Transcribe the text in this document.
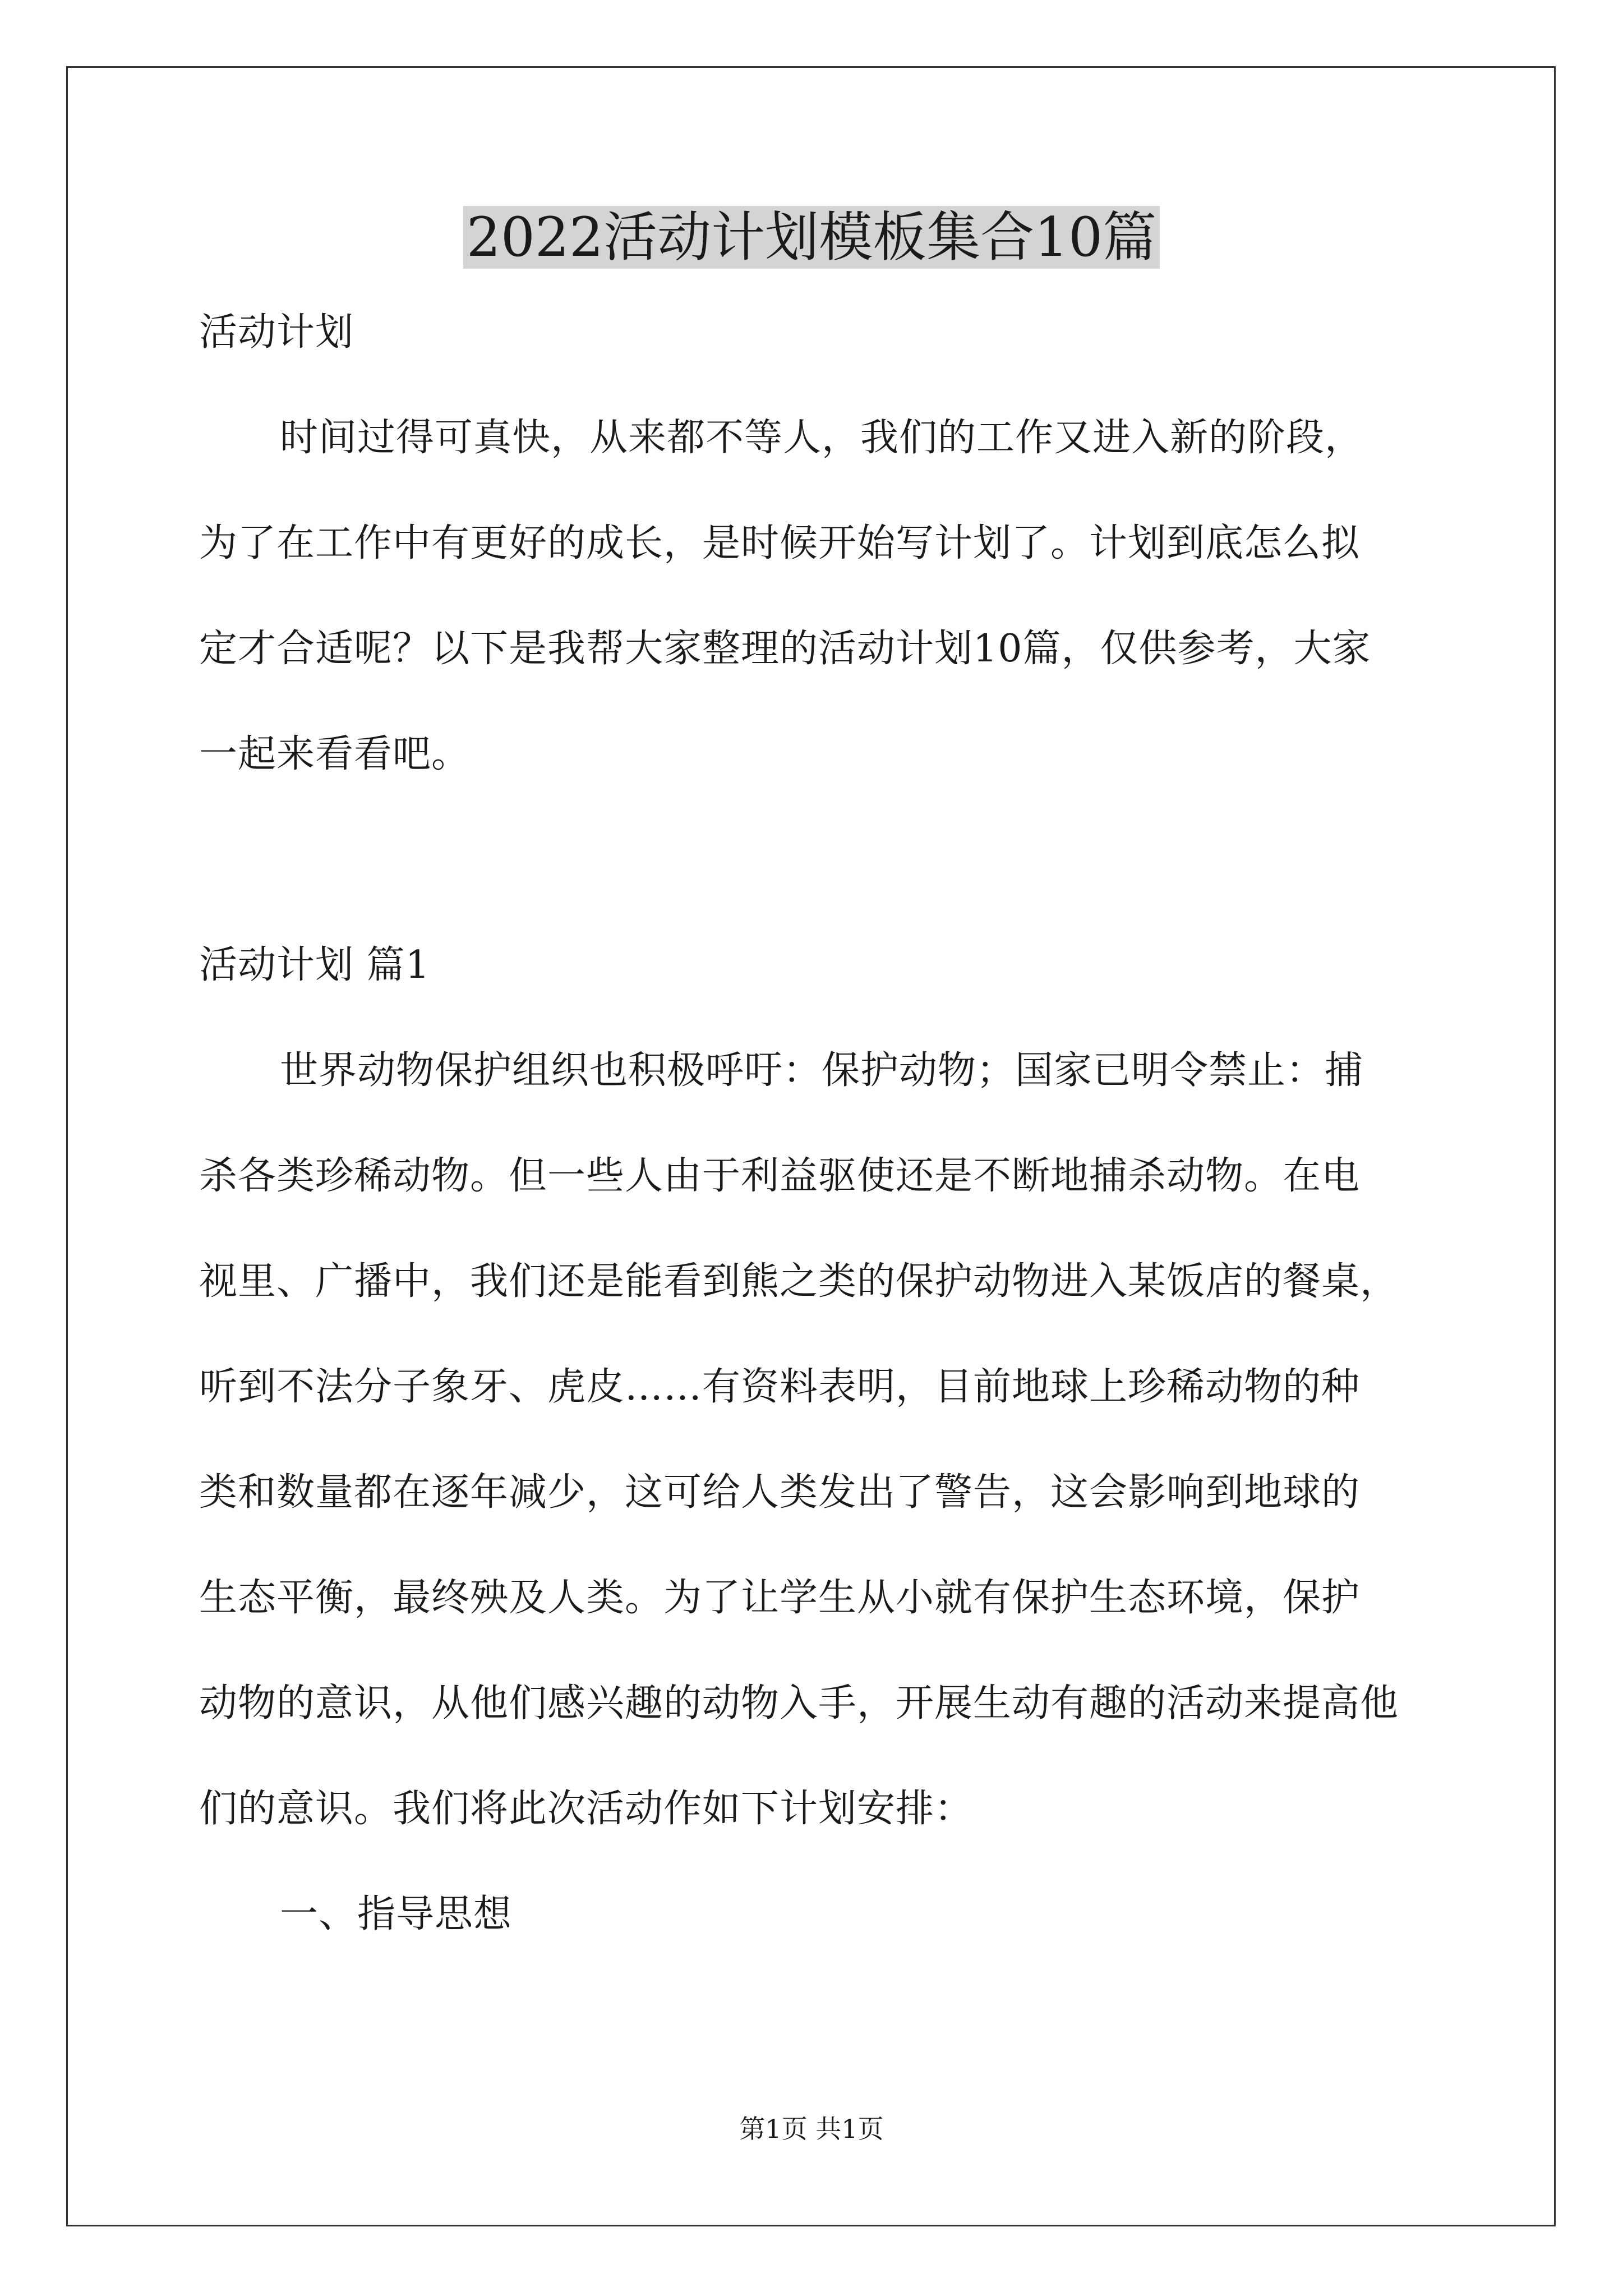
2022活动计划模板集合10篇
活动计划
时间过得可真快，从来都不等人，我们的工作又进入新的阶段，
为了在工作中有更好的成长，是时候开始写计划了。计划到底怎么拟
定才合适呢？以下是我帮大家整理的活动计划10篇，仅供参考，大家
一起来看看吧。
活动计划 篇1
世界动物保护组织也积极呼吁：保护动物；国家已明令禁止：捕
杀各类珍稀动物。但一些人由于利益驱使还是不断地捕杀动物。在电
视里、广播中，我们还是能看到熊之类的保护动物进入某饭店的餐桌，
听到不法分子象牙、虎皮……有资料表明，目前地球上珍稀动物的种
类和数量都在逐年减少，这可给人类发出了警告，这会影响到地球的
生态平衡，最终殃及人类。为了让学生从小就有保护生态环境，保护
动物的意识，从他们感兴趣的动物入手，开展生动有趣的活动来提高他
们的意识。我们将此次活动作如下计划安排：
一、指导思想
第1页 共1页
